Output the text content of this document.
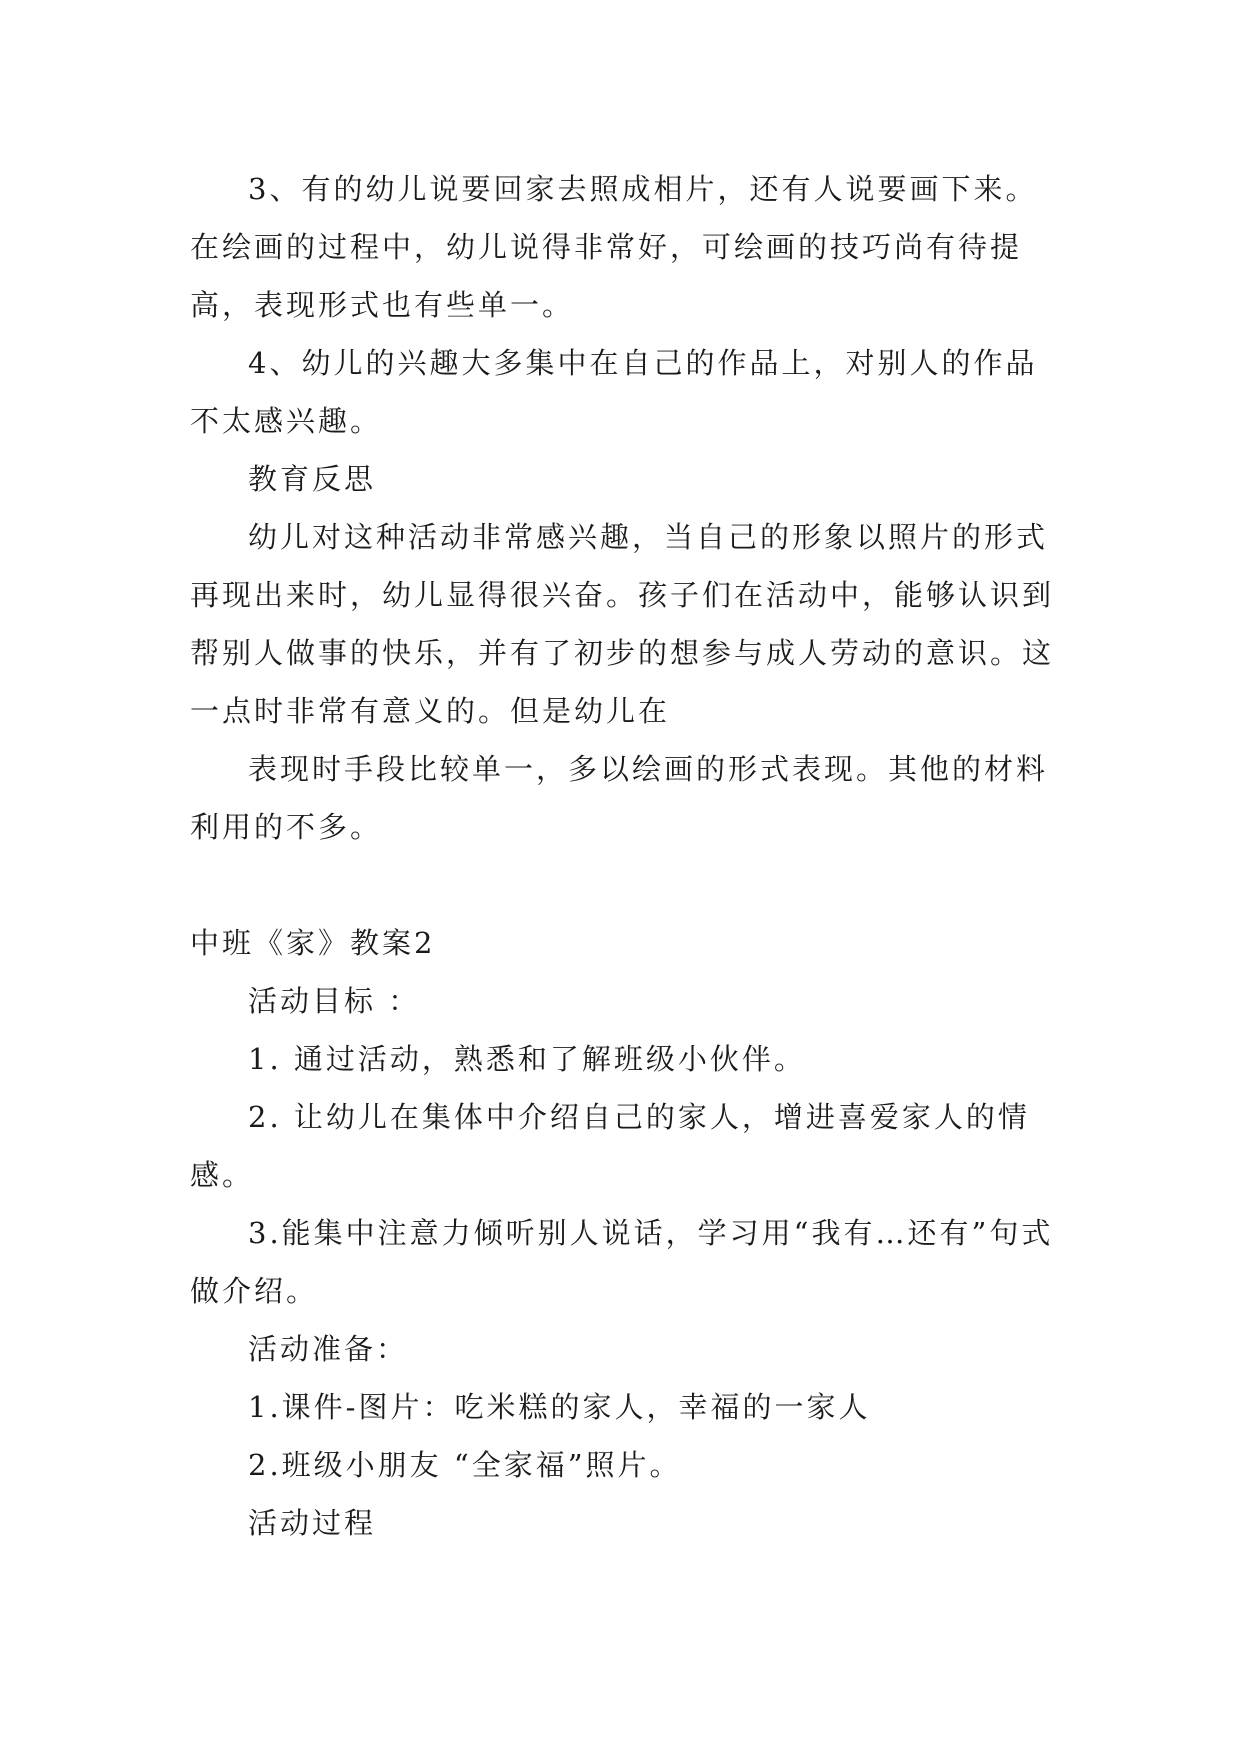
3、有的幼儿说要回家去照成相片，还有人说要画下来。在绘画的过程中，幼儿说得非常好，可绘画的技巧尚有待提高，表现形式也有些单一。

4、幼儿的兴趣大多集中在自己的作品上，对别人的作品不太感兴趣。

教育反思

幼儿对这种活动非常感兴趣，当自己的形象以照片的形式再现出来时，幼儿显得很兴奋。孩子们在活动中，能够认识到帮别人做事的快乐，并有了初步的想参与成人劳动的意识。这一点时非常有意义的。但是幼儿在

表现时手段比较单一，多以绘画的形式表现。其他的材料利用的不多。

中班《家》教案2

活动目标 ：

1. 通过活动，熟悉和了解班级小伙伴。

2. 让幼儿在集体中介绍自己的家人，增进喜爱家人的情感。

3.能集中注意力倾听别人说话，学习用“我有…还有”句式做介绍。

活动准备：

1.课件-图片：吃米糕的家人，幸福的一家人

2.班级小朋友 “全家福”照片。

活动过程
